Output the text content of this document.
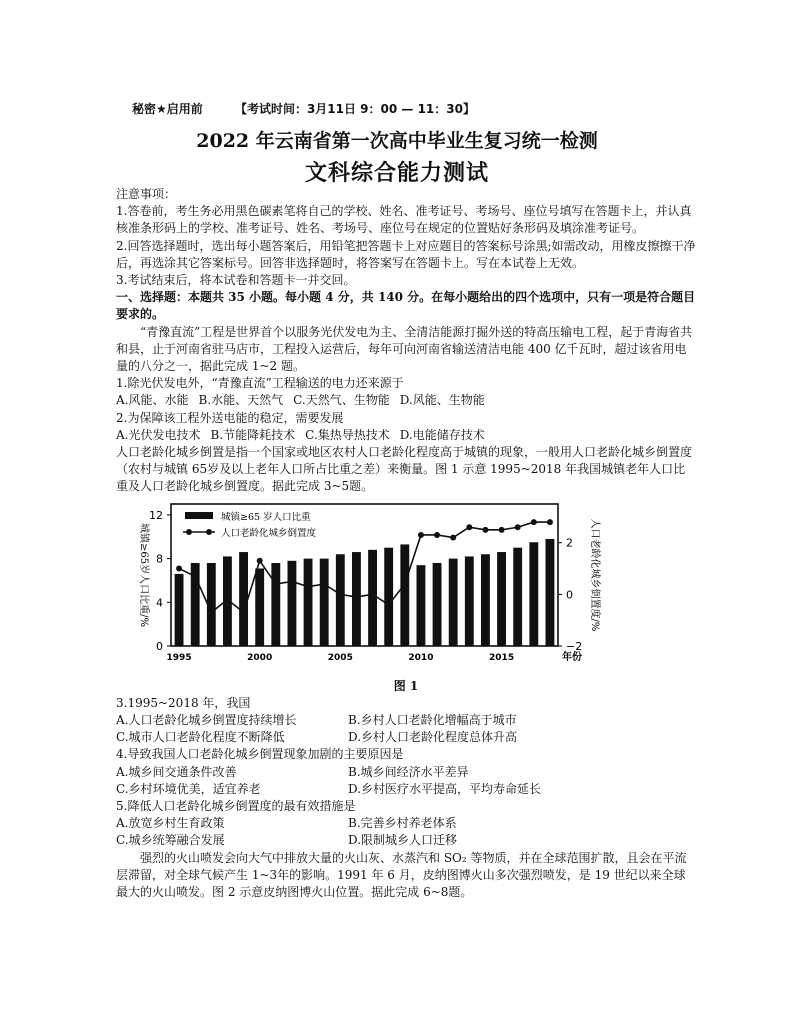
秘密★启用前	【考试时间：3月11日 9：00 — 11：30】
2022 年云南省第一次高中毕业生复习统一检测
文科综合能力测试

注意事项：

1.答卷前，考生务必用黑色碳素笔将自己的学校、姓名、准考证号、考场号、座位号填写在答题卡上，并认真核准条形码上的学校、准考证号、姓名、考场号、座位号在规定的位置贴好条形码及填涂准考证号。

2.回答选择题时，选出每小题答案后，用铅笔把答题卡上对应题目的答案标号涂黑;如需改动，用橡皮擦擦干净后，再选涂其它答案标号。回答非选择题时，将答案写在答题卡上。写在本试卷上无效。

3.考试结束后，将本试卷和答题卡一并交回。

一、选择题：本题共 35 小题。每小题 4 分，共 140 分。在每小题给出的四个选项中，只有一项是符合题目要求的。

“青豫直流”工程是世界首个以服务光伏发电为主、全清洁能源打掘外送的特高压输电工程，起于青海省共和县，止于河南省驻马店市，工程投入运营后，每年可向河南省输送清洁电能 400 亿千瓦时，超过该省用电量的八分之一，据此完成 1~2 题。

1.除光伏发电外，“青豫直流”工程输送的电力还来源于

A.风能、水能 B.水能、天然气 C.天然气、生物能 D.风能、生物能

2.为保障该工程外送电能的稳定，需要发展

A.光伏发电技术 B.节能降耗技术 C.集热导热技术 D.电能储存技术

人口老龄化城乡倒置是指一个国家或地区农村人口老龄化程度高于城镇的现象，一般用人口老龄化城乡倒置度（农村与城镇 65岁及以上老年人口所占比重之差）来衡量。图 1 示意 1995~2018 年我国城镇老年人口比重及人口老龄化城乡倒置度。据此完成 3~5题。

0
4
8
12
−2
0
2
1995	2000	2005	2010	2015	年份
城镇≥65岁人口比重/%	人口老龄化城乡倒置度/%
城镇≥65 岁人口比重
人口老龄化城乡倒置度

图 1

3.1995~2018 年，我国

A.人口老龄化城乡倒置度持续增长	B.乡村人口老龄化增幅高于城市
C.城市人口老龄化程度不断降低	D.乡村人口老龄化程度总体升高

4.导致我国人口老龄化城乡倒置现象加剧的主要原因是

A.城乡间交通条件改善	B.城乡间经济水平差异
C.乡村环境优美，适宜养老	D.乡村医疗水平提高，平均寿命延长

5.降低人口老龄化城乡倒置度的最有效措施是

A.放宽乡村生育政策	B.完善乡村养老体系
C.城乡统筹融合发展	D.限制城乡人口迁移

强烈的火山喷发会向大气中排放大量的火山灰、水蒸汽和 SO₂ 等物质，并在全球范围扩散，且会在平流层滞留，对全球气候产生 1~3年的影响。1991 年 6 月，皮纳图博火山多次强烈喷发，是 19 世纪以来全球最大的火山喷发。图 2 示意皮纳图博火山位置。据此完成 6~8题。
